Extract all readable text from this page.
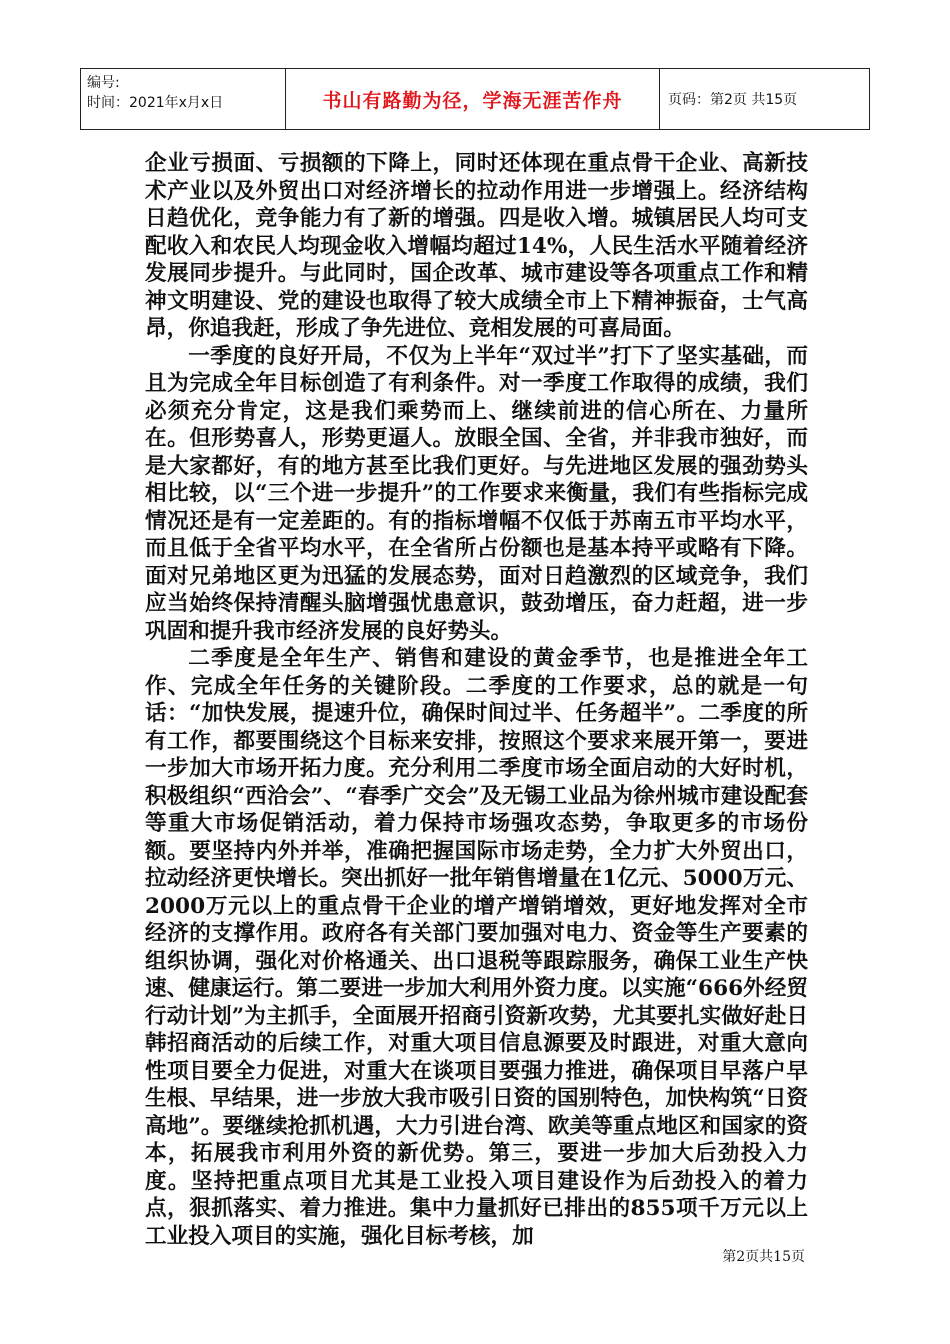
编号:
时间：2021年x月x日	书山有路勤为径，学海无涯苦作舟	页码：第2页 共15页

企业亏损面、亏损额的下降上，同时还体现在重点骨干企业、高新技术产业以及外贸出口对经济增长的拉动作用进一步增强上。经济结构日趋优化，竞争能力有了新的增强。四是收入增。城镇居民人均可支配收入和农民人均现金收入增幅均超过14%，人民生活水平随着经济发展同步提升。与此同时，国企改革、城市建设等各项重点工作和精神文明建设、党的建设也取得了较大成绩全市上下精神振奋，士气高昂，你追我赶，形成了争先进位、竞相发展的可喜局面。

一季度的良好开局，不仅为上半年“双过半”打下了坚实基础，而且为完成全年目标创造了有利条件。对一季度工作取得的成绩，我们必须充分肯定，这是我们乘势而上、继续前进的信心所在、力量所在。但形势喜人，形势更逼人。放眼全国、全省，并非我市独好，而是大家都好，有的地方甚至比我们更好。与先进地区发展的强劲势头相比较，以“三个进一步提升”的工作要求来衡量，我们有些指标完成情况还是有一定差距的。有的指标增幅不仅低于苏南五市平均水平，而且低于全省平均水平，在全省所占份额也是基本持平或略有下降。面对兄弟地区更为迅猛的发展态势，面对日趋激烈的区域竞争，我们应当始终保持清醒头脑增强忧患意识，鼓劲增压，奋力赶超，进一步巩固和提升我市经济发展的良好势头。

二季度是全年生产、销售和建设的黄金季节，也是推进全年工作、完成全年任务的关键阶段。二季度的工作要求，总的就是一句话：“加快发展，提速升位，确保时间过半、任务超半”。二季度的所有工作，都要围绕这个目标来安排，按照这个要求来展开第一，要进一步加大市场开拓力度。充分利用二季度市场全面启动的大好时机，积极组织“西洽会”、“春季广交会”及无锡工业品为徐州城市建设配套等重大市场促销活动，着力保持市场强攻态势，争取更多的市场份额。要坚持内外并举，准确把握国际市场走势，全力扩大外贸出口，拉动经济更快增长。突出抓好一批年销售增量在1亿元、5000万元、2000万元以上的重点骨干企业的增产增销增效，更好地发挥对全市经济的支撑作用。政府各有关部门要加强对电力、资金等生产要素的组织协调，强化对价格通关、出口退税等跟踪服务，确保工业生产快速、健康运行。第二要进一步加大利用外资力度。以实施“666外经贸行动计划”为主抓手，全面展开招商引资新攻势，尤其要扎实做好赴日韩招商活动的后续工作，对重大项目信息源要及时跟进，对重大意向性项目要全力促进，对重大在谈项目要强力推进，确保项目早落户早生根、早结果，进一步放大我市吸引日资的国别特色，加快构筑“日资高地”。要继续抢抓机遇，大力引进台湾、欧美等重点地区和国家的资本，拓展我市利用外资的新优势。第三，要进一步加大后劲投入力度。坚持把重点项目尤其是工业投入项目建设作为后劲投入的着力点，狠抓落实、着力推进。集中力量抓好已排出的855项千万元以上工业投入项目的实施，强化目标考核，加

第2页共15页
